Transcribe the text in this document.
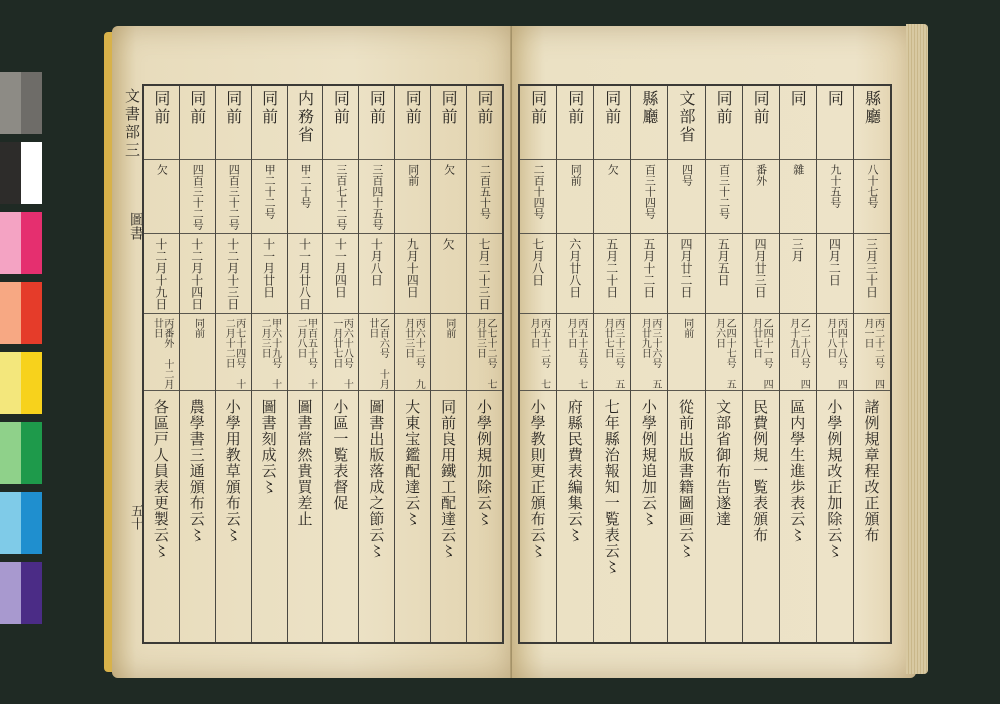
文書部三
圖書
五十
同前
二百五十号
七月二十三日
乙七十二号 七月廿三日
小學例規加除云〻
同前
欠
欠
同前
同前良用鐵工配達云〻
同前
同前
九月十四日
丙六十二号 九月廿三日
大東宝鑑配達云〻
同前
三百四十五号
十月八日
乙百六号 十月廿日
圖書出版落成之節云〻
同前
三百七十二号
十一月四日
丙六十八号 十一月廿七日
小區一覧表督促
内務省
甲二十号
十一月廿八日
甲百五十号 十二月八日
圖書當然貴買差止
同前
甲二十二号
十一月廿日
甲六十九号 十二月三日
圖書刻成云〻
同前
四百三十二号
十二月十三日
丙七十四号 十二月十二日
小學用教草頒布云〻
同前
四百三十二号
十二月十四日
同前
農學書三通頒布云〻
同前
欠
十二月十九日
丙番外 十二月廿日
各區戸人員表更製云〻
縣廳
八十七号
三月三十日
丙二十二号 四月一日
諸例規章程改正頒布
同
九十五号
四月二日
丙四十八号 四月十八日
小學例規改正加除云〻
同
雜
三月
乙二十八号 四月十九日
區内學生進歩表云〻
同前
番外
四月廿三日
乙四十一号 四月廿七日
民費例規一覧表頒布
同前
百三十二号
五月五日
乙四十七号 五月六日
文部省御布告遂達
文部省
四号
四月廿二日
同前
從前出版書籍圖画云〻
縣廳
百三十四号
五月十二日
丙三十六号 五月廿九日
小學例規追加云〻
同前
欠
五月二十日
丙三十三号 五月廿七日
七年縣治報知一覧表云〻
同前
同前
六月廿八日
丙五十五号 七月十日
府縣民費表編集云〻
同前
二百十四号
七月八日
丙五十二号 七月十日
小學教則更正頒布云〻
